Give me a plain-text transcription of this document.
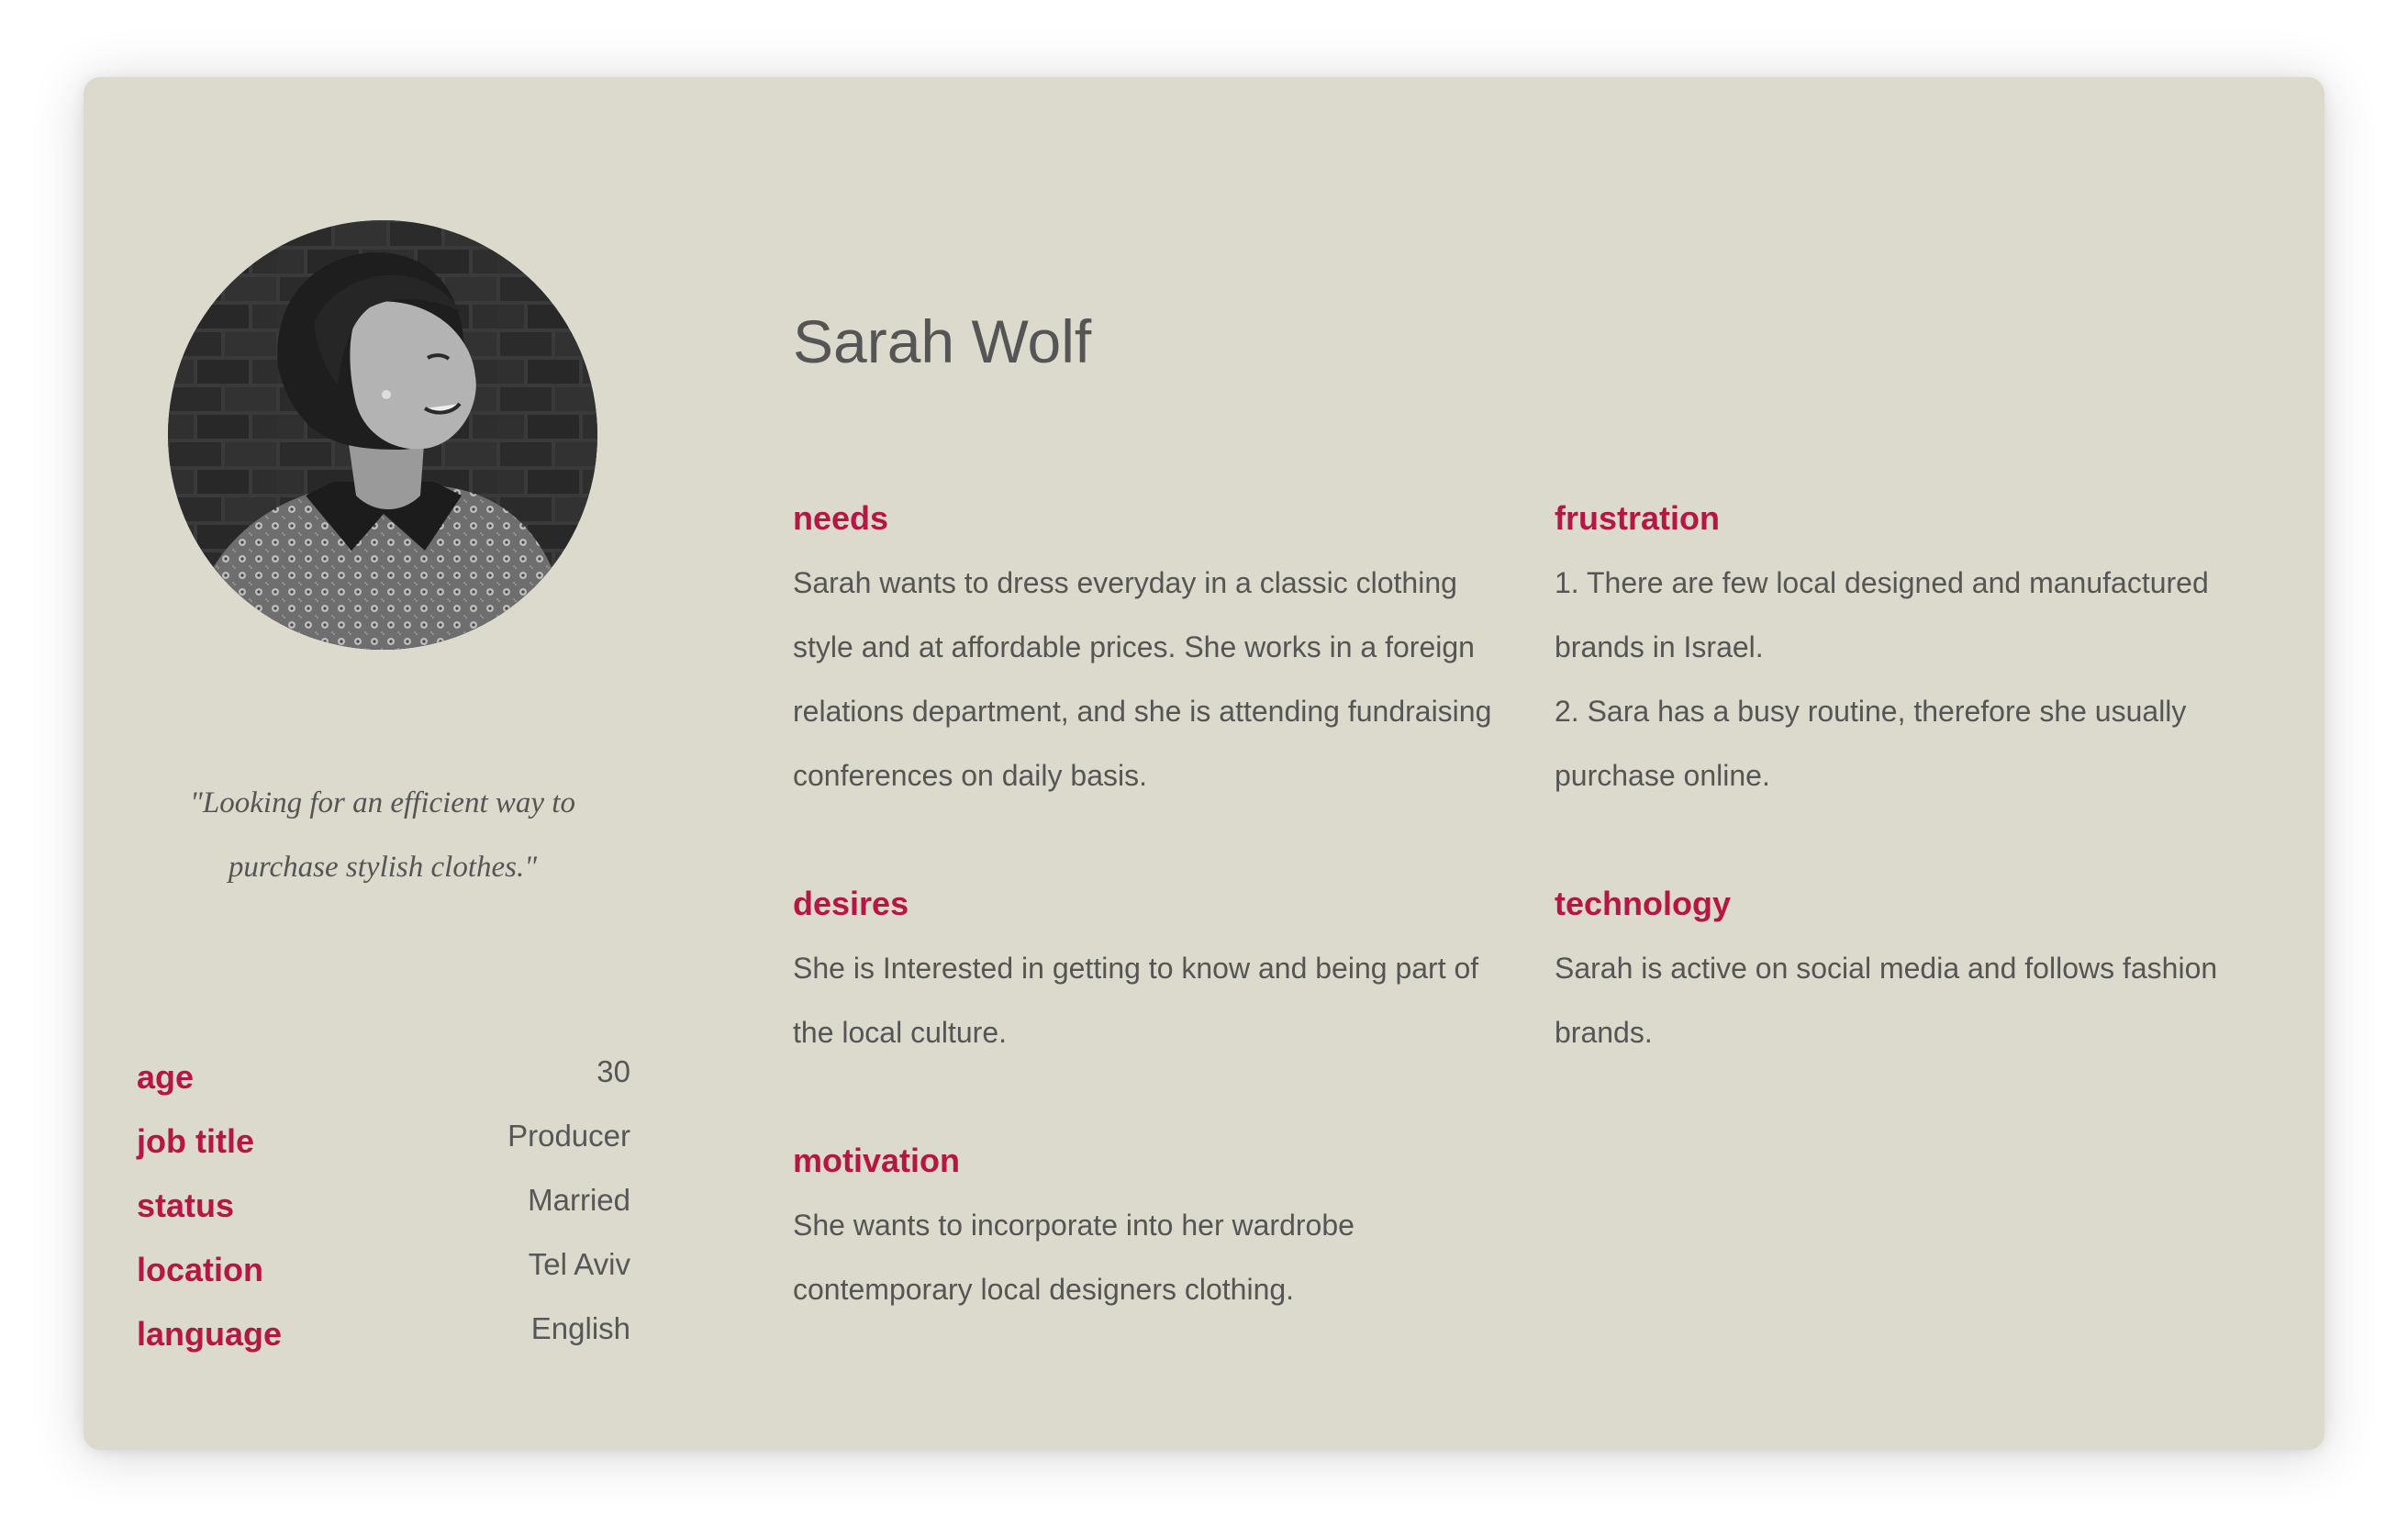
"Looking for an efficient way to purchase stylish clothes."
age	30
job title	Producer
status	Married
location	Tel Aviv
language	English
Sarah Wolf
needs

Sarah wants to dress everyday in a classic clothing style and at affordable prices. She works in a foreign relations department, and she is attending fundraising conferences on daily basis.

frustration

1. There are few local designed and manufactured brands in Israel.

2. Sara has a busy routine, therefore she usually purchase online.

desires

She is Interested in getting to know and being part of the local culture.

technology

Sarah is active on social media and follows fashion brands.

motivation

She wants to incorporate into her wardrobe contemporary local designers clothing.
